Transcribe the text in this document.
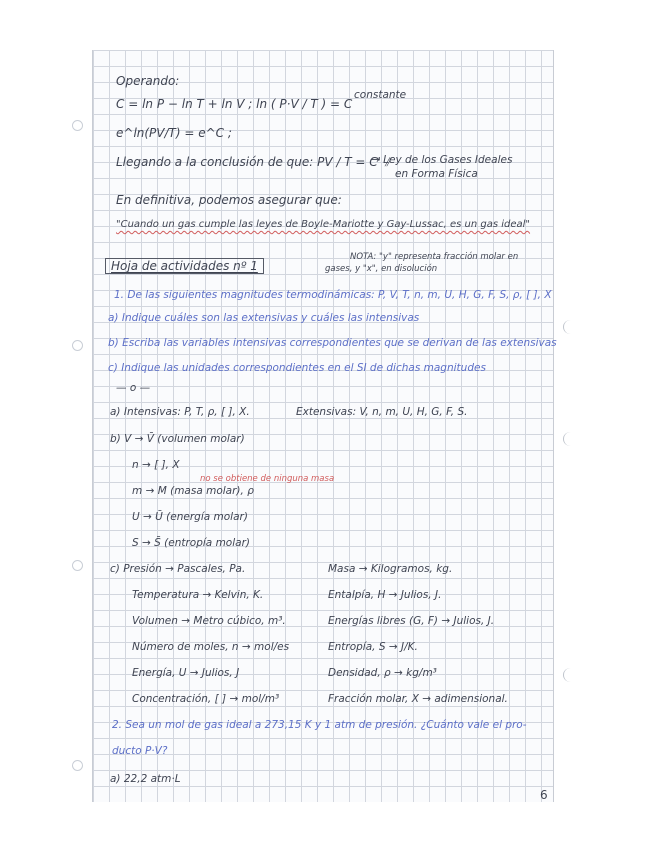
Operando:
C = ln P − ln T + ln V ; ln ( P·V / T ) = C
constante
e^ln(PV/T) = e^C ;
Llegando a la conclusión de que: PV / T = C' ⫽
→ Ley de los Gases Ideales
en Forma Física
En definitiva, podemos asegurar que:
"Cuando un gas cumple las leyes de Boyle-Mariotte y Gay-Lussac, es un gas ideal"
Hoja de actividades nº 1
NOTA: "y" representa fracción molar en
gases, y "x", en disolución
1. De las siguientes magnitudes termodinámicas: P, V, T, n, m, U, H, G, F, S, ρ, [ ], X
a) Indique cuáles son las extensivas y cuáles las intensivas
b) Escriba las variables intensivas correspondientes que se derivan de las extensivas
c) Indique las unidades correspondientes en el SI de dichas magnitudes
— o —
a) Intensivas: P, T, ρ, [ ], X.	Extensivas: V, n, m, U, H, G, F, S.
b) V → V̄ (volumen molar)
n → [ ], X
no se obtiene de ninguna masa
m → M (masa molar), ρ
U → Ū (energía molar)
S → S̄ (entropía molar)
c) Presión → Pascales, Pa.	Masa → Kilogramos, kg.
Temperatura → Kelvin, K.	Entalpía, H → Julios, J.
Volumen → Metro cúbico, m³.	Energías libres (G, F) → Julios, J.
Número de moles, n → mol/es	Entropía, S → J/K.
Energía, U → Julios, J	Densidad, ρ → kg/m³
Concentración, [ ] → mol/m³	Fracción molar, X → adimensional.
2. Sea un mol de gas ideal a 273,15 K y 1 atm de presión. ¿Cuánto vale el pro-
ducto P·V?
a) 22,2 atm·L
6
